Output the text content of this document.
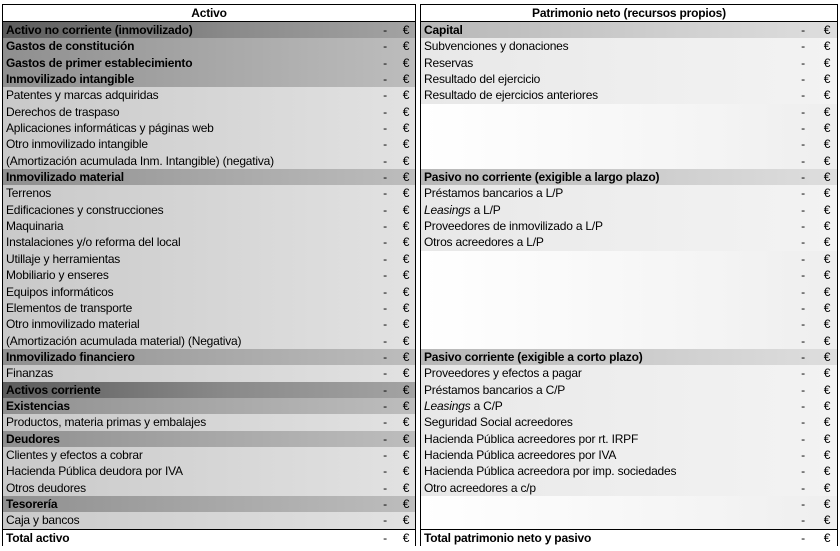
Activo
Activo no corriente (inmovilizado)	- €
Gastos de constitución	- €
Gastos de primer establecimiento	- €
Inmovilizado intangible	- €
Patentes y marcas adquiridas	- €
Derechos de traspaso	- €
Aplicaciones informáticas y páginas web	- €
Otro inmovilizado intangible	- €
(Amortización acumulada Inm. Intangible) (negativa)	- €
Inmovilizado material	- €
Terrenos	- €
Edificaciones y construcciones	- €
Maquinaria	- €
Instalaciones y/o reforma del local	- €
Utillaje y herramientas	- €
Mobiliario y enseres	- €
Equipos informáticos	- €
Elementos de transporte	- €
Otro inmovilizado material	- €
(Amortización acumulada material) (Negativa)	- €
Inmovilizado financiero	- €
Finanzas	- €
Activos corriente	- €
Existencias	- €
Productos, materia primas y embalajes	- €
Deudores	- €
Clientes y efectos a cobrar	- €
Hacienda Pública deudora por IVA	- €
Otros deudores	- €
Tesorería	- €
Caja y bancos	- €
Total activo	- €
Patrimonio neto (recursos propios)
Capital	- €
Subvenciones y donaciones	- €
Reservas	- €
Resultado del ejercicio	- €
Resultado de ejercicios anteriores	- €
- €
- €
- €
- €
Pasivo no corriente (exigible a largo plazo)	- €
Préstamos bancarios a L/P	- €
Leasings a L/P	- €
Proveedores de inmovilizado a L/P	- €
Otros acreedores a L/P	- €
- €
- €
- €
- €
- €
- €
Pasivo corriente (exigible a corto plazo)	- €
Proveedores y efectos a pagar	- €
Préstamos bancarios a C/P	- €
Leasings a C/P	- €
Seguridad Social acreedores	- €
Hacienda Pública acreedores por rt. IRPF	- €
Hacienda Pública acreedores por IVA	- €
Hacienda Pública acreedora por imp. sociedades	- €
Otro acreedores a c/p	- €
- €
- €
Total patrimonio neto y pasivo	- €
